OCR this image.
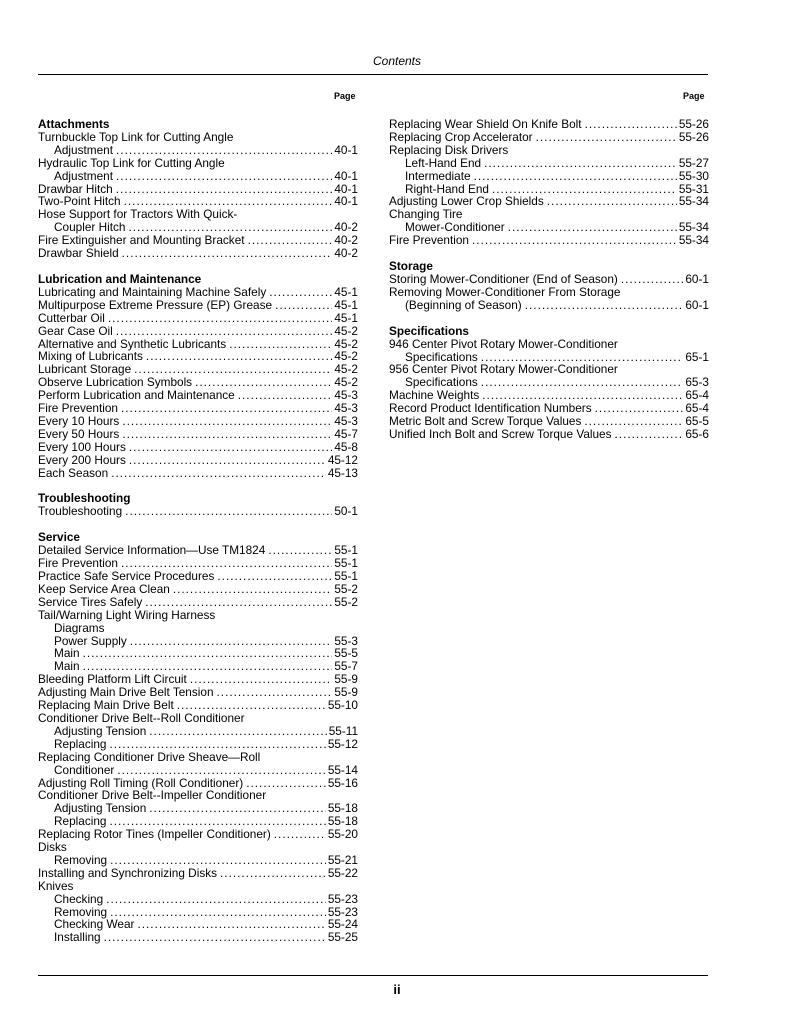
Contents
Page	Page
Attachments
Turnbuckle Top Link for Cutting Angle
Adjustment .....	40-1
Hydraulic Top Link for Cutting Angle
Adjustment .....	40-1
Drawbar Hitch .....	40-1
Two-Point Hitch .....	40-1
Hose Support for Tractors With Quick-
Coupler Hitch .....	40-2
Fire Extinguisher and Mounting Bracket .....	40-2
Drawbar Shield .....	40-2
Lubrication and Maintenance
Lubricating and Maintaining Machine Safely .....	45-1
Multipurpose Extreme Pressure (EP) Grease .....	45-1
Cutterbar Oil .....	45-1
Gear Case Oil .....	45-2
Alternative and Synthetic Lubricants .....	45-2
Mixing of Lubricants .....	45-2
Lubricant Storage .....	45-2
Observe Lubrication Symbols .....	45-2
Perform Lubrication and Maintenance .....	45-3
Fire Prevention .....	45-3
Every 10 Hours .....	45-3
Every 50 Hours .....	45-7
Every 100 Hours .....	45-8
Every 200 Hours .....	45-12
Each Season .....	45-13
Troubleshooting
Troubleshooting .....	50-1
Service
Detailed Service Information—Use TM1824 .....	55-1
Fire Prevention .....	55-1
Practice Safe Service Procedures .....	55-1
Keep Service Area Clean .....	55-2
Service Tires Safely .....	55-2
Tail/Warning Light Wiring Harness
Diagrams
Power Supply .....	55-3
Main .....	55-5
Main .....	55-7
Bleeding Platform Lift Circuit .....	55-9
Adjusting Main Drive Belt Tension .....	55-9
Replacing Main Drive Belt .....	55-10
Conditioner Drive Belt--Roll Conditioner
Adjusting Tension .....	55-11
Replacing .....	55-12
Replacing Conditioner Drive Sheave—Roll
Conditioner .....	55-14
Adjusting Roll Timing (Roll Conditioner) .....	55-16
Conditioner Drive Belt--Impeller Conditioner
Adjusting Tension .....	55-18
Replacing .....	55-18
Replacing Rotor Tines (Impeller Conditioner) .....	55-20
Disks
Removing .....	55-21
Installing and Synchronizing Disks .....	55-22
Knives
Checking .....	55-23
Removing .....	55-23
Checking Wear .....	55-24
Installing .....	55-25
Replacing Wear Shield On Knife Bolt .....	55-26
Replacing Crop Accelerator .....	55-26
Replacing Disk Drivers
Left-Hand End .....	55-27
Intermediate .....	55-30
Right-Hand End .....	55-31
Adjusting Lower Crop Shields .....	55-34
Changing Tire
Mower-Conditioner .....	55-34
Fire Prevention .....	55-34
Storage
Storing Mower-Conditioner (End of Season) .....	60-1
Removing Mower-Conditioner From Storage
(Beginning of Season) .....	60-1
Specifications
946 Center Pivot Rotary Mower-Conditioner
Specifications .....	65-1
956 Center Pivot Rotary Mower-Conditioner
Specifications .....	65-3
Machine Weights .....	65-4
Record Product Identification Numbers .....	65-4
Metric Bolt and Screw Torque Values .....	65-5
Unified Inch Bolt and Screw Torque Values .....	65-6
ii
